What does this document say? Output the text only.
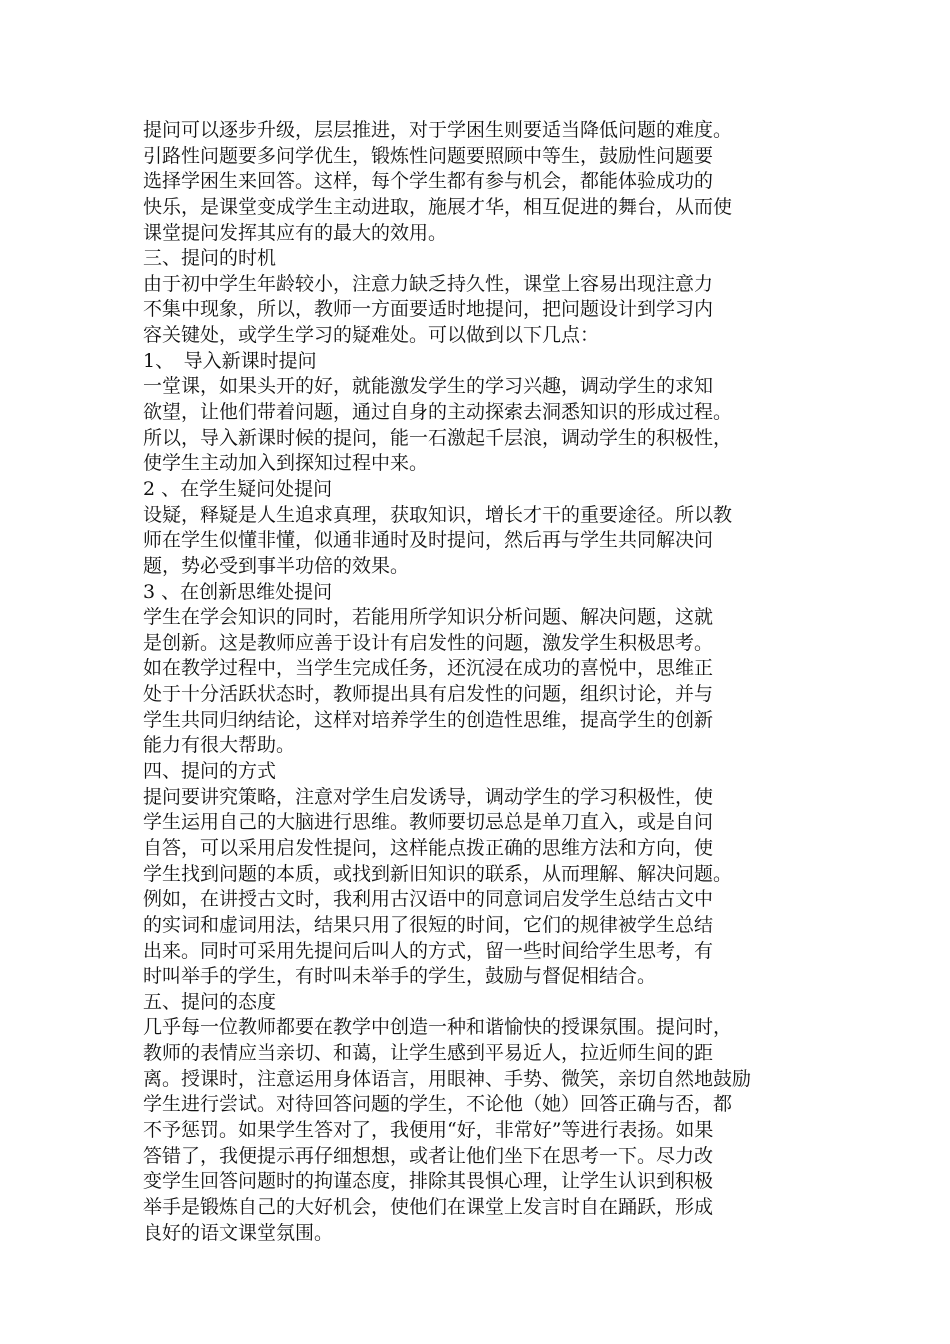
提问可以逐步升级，层层推进，对于学困生则要适当降低问题的难度。
引路性问题要多问学优生，锻炼性问题要照顾中等生，鼓励性问题要
选择学困生来回答。这样，每个学生都有参与机会，都能体验成功的
快乐，是课堂变成学生主动进取，施展才华，相互促进的舞台，从而使
课堂提问发挥其应有的最大的效用。
三、提问的时机
由于初中学生年龄较小，注意力缺乏持久性，课堂上容易出现注意力
不集中现象，所以，教师一方面要适时地提问，把问题设计到学习内
容关键处，或学生学习的疑难处。可以做到以下几点：
1、　导入新课时提问
一堂课，如果头开的好，就能激发学生的学习兴趣，调动学生的求知
欲望，让他们带着问题，通过自身的主动探索去洞悉知识的形成过程。
所以，导入新课时候的提问，能一石激起千层浪，调动学生的积极性，
使学生主动加入到探知过程中来。
2 、在学生疑问处提问
设疑，释疑是人生追求真理，获取知识，增长才干的重要途径。所以教
师在学生似懂非懂，似通非通时及时提问，然后再与学生共同解决问
题，势必受到事半功倍的效果。
3 、在创新思维处提问
学生在学会知识的同时，若能用所学知识分析问题、解决问题，这就
是创新。这是教师应善于设计有启发性的问题，激发学生积极思考。
如在教学过程中，当学生完成任务，还沉浸在成功的喜悦中，思维正
处于十分活跃状态时，教师提出具有启发性的问题，组织讨论，并与
学生共同归纳结论，这样对培养学生的创造性思维，提高学生的创新
能力有很大帮助。
四、提问的方式
提问要讲究策略，注意对学生启发诱导，调动学生的学习积极性，使
学生运用自己的大脑进行思维。教师要切忌总是单刀直入，或是自问
自答，可以采用启发性提问，这样能点拨正确的思维方法和方向，使
学生找到问题的本质，或找到新旧知识的联系，从而理解、解决问题。
例如，在讲授古文时，我利用古汉语中的同意词启发学生总结古文中
的实词和虚词用法，结果只用了很短的时间，它们的规律被学生总结
出来。同时可采用先提问后叫人的方式，留一些时间给学生思考，有
时叫举手的学生，有时叫未举手的学生，鼓励与督促相结合。
五、提问的态度
几乎每一位教师都要在教学中创造一种和谐愉快的授课氛围。提问时，
教师的表情应当亲切、和蔼，让学生感到平易近人，拉近师生间的距
离。授课时，注意运用身体语言，用眼神、手势、微笑，亲切自然地鼓励
学生进行尝试。对待回答问题的学生，不论他（她）回答正确与否，都
不予惩罚。如果学生答对了，我便用“好，非常好”等进行表扬。如果
答错了，我便提示再仔细想想，或者让他们坐下在思考一下。尽力改
变学生回答问题时的拘谨态度，排除其畏惧心理，让学生认识到积极
举手是锻炼自己的大好机会，使他们在课堂上发言时自在踊跃，形成
良好的语文课堂氛围。
